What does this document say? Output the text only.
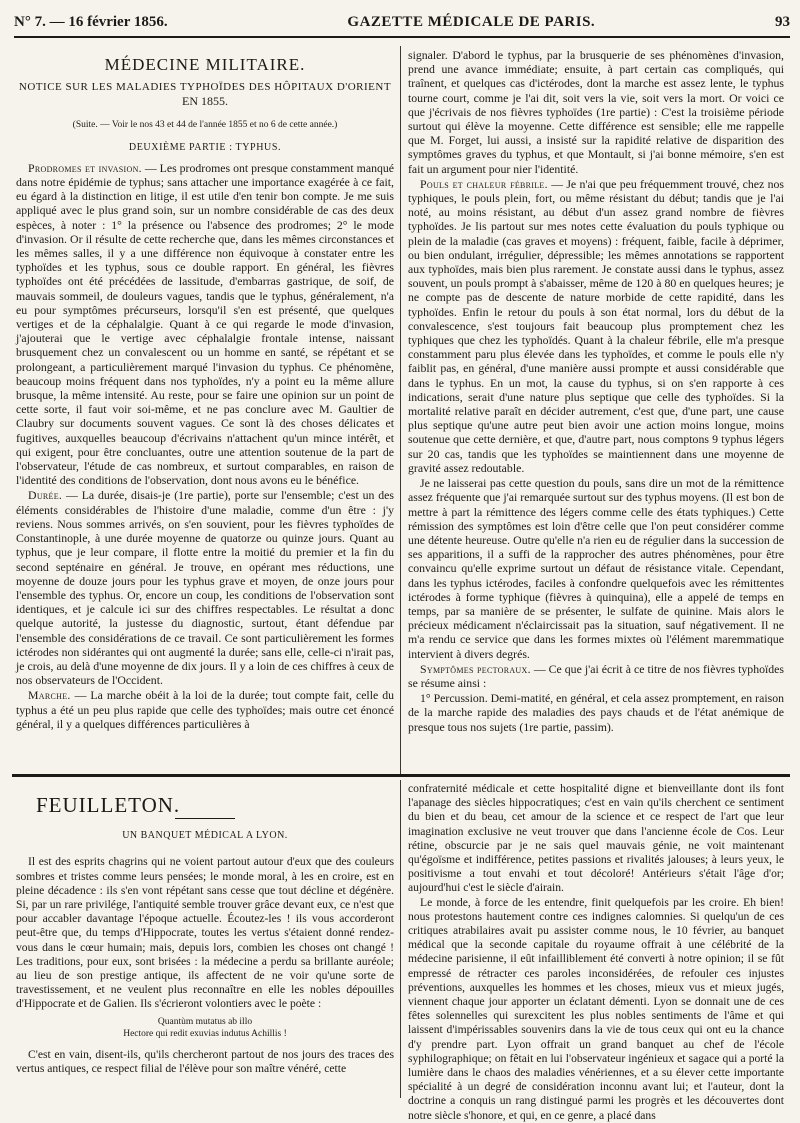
N° 7. — 16 février 1856.	GAZETTE MÉDICALE DE PARIS.	93
MÉDECINE MILITAIRE.
NOTICE SUR LES MALADIES TYPHOÏDES DES HÔPITAUX D'ORIENT
EN 1855.
(Suite. — Voir le nos 43 et 44 de l'année 1855 et no 6 de cette année.)
DEUXIÈME PARTIE : TYPHUS.

Prodromes et invasion. — Les prodromes ont presque constamment manqué dans notre épidémie de typhus; sans attacher une importance exagérée à ce fait, eu égard à la distinction en litige, il est utile d'en tenir bon compte. Je me suis appliqué avec le plus grand soin, sur un nombre considérable de cas des deux espèces, à noter : 1° la présence ou l'absence des prodromes; 2° le mode d'invasion. Or il résulte de cette recherche que, dans les mêmes circonstances et les mêmes salles, il y a une différence non équivoque à constater entre les typhoïdes et les typhus, sous ce double rapport. En général, les fièvres typhoïdes ont été précédées de lassitude, d'embarras gastrique, de soif, de mauvais sommeil, de douleurs vagues, tandis que le typhus, généralement, n'a eu pour symptômes précurseurs, lorsqu'il s'en est présenté, que quelques vertiges et de la céphalalgie. Quant à ce qui regarde le mode d'invasion, j'ajouterai que le vertige avec céphalalgie frontale intense, naissant brusquement chez un convalescent ou un homme en santé, se répétant et se prolongeant, a particulièrement marqué l'invasion du typhus. Ce phénomène, beaucoup moins fréquent dans nos typhoïdes, n'y a point eu la même allure brusque, la même intensité. Au reste, pour se faire une opinion sur un point de cette sorte, il faut voir soi-même, et ne pas conclure avec M. Gaultier de Claubry sur documents souvent vagues. Ce sont là des choses délicates et fugitives, auxquelles beaucoup d'écrivains n'attachent qu'un mince intérêt, et qui exigent, pour être concluantes, outre une attention soutenue de la part de l'observateur, l'étude de cas nombreux, et surtout comparables, en raison de l'identité des conditions de l'observation, dont nous avons eu le bénéfice.

Durée. — La durée, disais-je (1re partie), porte sur l'ensemble; c'est un des éléments considérables de l'histoire d'une maladie, comme d'un être : j'y reviens. Nous sommes arrivés, on s'en souvient, pour les fièvres typhoïdes de Constantinople, à une durée moyenne de quatorze ou quinze jours. Quant au typhus, que je leur compare, il flotte entre la moitié du premier et la fin du second septénaire en général. Je trouve, en opérant mes réductions, une moyenne de douze jours pour les typhus grave et moyen, de onze jours pour l'ensemble des typhus. Or, encore un coup, les conditions de l'observation sont identiques, et je calcule ici sur des chiffres respectables. Le résultat a donc quelque autorité, la justesse du diagnostic, surtout, étant défendue par l'ensemble des considérations de ce travail. Ce sont particulièrement les formes ictérodes non sidérantes qui ont augmenté la durée; sans elle, celle-ci n'irait pas, je crois, au delà d'une moyenne de dix jours. Il y a loin de ces chiffres à ceux de nos observateurs de l'Occident.

Marche. — La marche obéit à la loi de la durée; tout compte fait, celle du typhus a été un peu plus rapide que celle des typhoïdes; mais outre cet énoncé général, il y a quelques différences particulières à

signaler. D'abord le typhus, par la brusquerie de ses phénomènes d'invasion, prend une avance immédiate; ensuite, à part certain cas compliqués, qui traînent, et quelques cas d'ictérodes, dont la marche est assez lente, le typhus tourne court, comme je l'ai dit, soit vers la vie, soit vers la mort. Or voici ce que j'écrivais de nos fièvres typhoïdes (1re partie) : C'est la troisième période surtout qui élève la moyenne. Cette différence est sensible; elle me rappelle que M. Forget, lui aussi, a insisté sur la rapidité relative de disparition des symptômes graves du typhus, et que Montault, si j'ai bonne mémoire, s'en est fait un argument pour nier l'identité.

Pouls et chaleur fébrile. — Je n'ai que peu fréquemment trouvé, chez nos typhiques, le pouls plein, fort, ou même résistant du début; tandis que je l'ai noté, au moins résistant, au début d'un assez grand nombre de fièvres typhoïdes. Je lis partout sur mes notes cette évaluation du pouls typhique ou plein de la maladie (cas graves et moyens) : fréquent, faible, facile à déprimer, ou bien ondulant, irrégulier, dépressible; les mêmes annotations se rapportent aux typhoïdes, mais bien plus rarement. Je constate aussi dans le typhus, assez souvent, un pouls prompt à s'abaisser, même de 120 à 80 en quelques heures; je ne compte pas de descente de nature morbide de cette rapidité, dans les typhoïdes. Enfin le retour du pouls à son état normal, lors du début de la convalescence, s'est toujours fait beaucoup plus promptement chez les typhiques que chez les typhoïdés. Quant à la chaleur fébrile, elle m'a presque constamment paru plus élevée dans les typhoïdes, et comme le pouls elle n'y faiblit pas, en général, d'une manière aussi prompte et aussi considérable que dans le typhus. En un mot, la cause du typhus, si on s'en rapporte à ces indications, serait d'une nature plus septique que celle des typhoïdes. Si la mortalité relative paraît en décider autrement, c'est que, d'une part, une cause plus septique qu'une autre peut bien avoir une action moins longue, moins soutenue que cette dernière, et que, d'autre part, nous comptons 9 typhus légers sur 20 cas, tandis que les typhoïdes se maintiennent dans une moyenne de gravité assez redoutable.

Je ne laisserai pas cette question du pouls, sans dire un mot de la rémittence assez fréquente que j'ai remarquée surtout sur des typhus moyens. (Il est bon de mettre à part la rémittence des légers comme celle des états typhiques.) Cette rémission des symptômes est loin d'être celle que l'on peut considérer comme une détente heureuse. Outre qu'elle n'a rien eu de régulier dans la succession de ses apparitions, il a suffi de la rapprocher des autres phénomènes, pour être convaincu qu'elle exprime surtout un défaut de résistance vitale. Cependant, dans les typhus ictérodes, faciles à confondre quelquefois avec les rémittentes ictérodes à forme typhique (fièvres à quinquina), elle a appelé de temps en temps, par sa manière de se présenter, le sulfate de quinine. Mais alors le précieux médicament n'éclaircissait pas la situation, sauf négativement. Il ne m'a rendu ce service que dans les formes mixtes où l'élément maremmatique intervient à divers degrés.

Symptômes pectoraux. — Ce que j'ai écrit à ce titre de nos fièvres typhoïdes se résume ainsi :

1° Percussion. Demi-matité, en général, et cela assez promptement, en raison de la marche rapide des maladies des pays chauds et de l'état anémique de presque tous nos sujets (1re partie, passim).

FEUILLETON.
UN BANQUET MÉDICAL A LYON.

Il est des esprits chagrins qui ne voient partout autour d'eux que des couleurs sombres et tristes comme leurs pensées; le monde moral, à les en croire, est en pleine décadence : ils s'en vont répétant sans cesse que tout décline et dégénère. Si, par un rare privilége, l'antiquité semble trouver grâce devant eux, ce n'est que pour accabler davantage l'époque actuelle. Écoutez-les ! ils vous accorderont peut-être que, du temps d'Hippocrate, toutes les vertus s'étaient donné rendez-vous dans le cœur humain; mais, depuis lors, combien les choses ont changé ! Les traditions, pour eux, sont brisées : la médecine a perdu sa brillante auréole; au lieu de son prestige antique, ils affectent de ne voir qu'une sorte de travestissement, et ne veulent plus reconnaître en elle les nobles dépouilles d'Hippocrate et de Galien. Ils s'écrieront volontiers avec le poète :

Quantùm mutatus ab illo
Hectore qui redit exuvias indutus Achillis !

C'est en vain, disent-ils, qu'ils chercheront partout de nos jours des traces des vertus antiques, ce respect filial de l'élève pour son maître vénéré, cette

confraternité médicale et cette hospitalité digne et bienveillante dont ils font l'apanage des siècles hippocratiques; c'est en vain qu'ils cherchent ce sentiment du bien et du beau, cet amour de la science et ce respect de l'art que leur imagination exclusive ne veut trouver que dans l'ancienne école de Cos. Leur rétine, obscurcie par je ne sais quel mauvais génie, ne voit maintenant qu'égoïsme et indifférence, petites passions et rivalités jalouses; à leurs yeux, le positivisme a tout envahi et tout décoloré! Antérieurs s'était l'âge d'or; aujourd'hui c'est le siècle d'airain.

Le monde, à force de les entendre, finit quelquefois par les croire. Eh bien! nous protestons hautement contre ces indignes calomnies. Si quelqu'un de ces critiques atrabilaires avait pu assister comme nous, le 10 février, au banquet médical que la seconde capitale du royaume offrait à une célébrité de la médecine parisienne, il eût infailliblement été converti à notre opinion; il se fût empressé de rétracter ces paroles inconsidérées, de refouler ces injustes préventions, auxquelles les hommes et les choses, mieux vus et mieux jugés, viennent chaque jour apporter un éclatant démenti. Lyon se donnait une de ces fêtes solennelles qui surexcitent les plus nobles sentiments de l'âme et qui laissent d'impérissables souvenirs dans la vie de tous ceux qui ont eu la chance d'y prendre part. Lyon offrait un grand banquet au chef de l'école syphilographique; on fêtait en lui l'observateur ingénieux et sagace qui a porté la lumière dans le chaos des maladies vénériennes, et a su élever cette importante spécialité à un degré de considération inconnu avant lui; et l'auteur, dont la doctrine a conquis un rang distingué parmi les progrès et les découvertes dont notre siècle s'honore, et qui, en ce genre, a placé dans
